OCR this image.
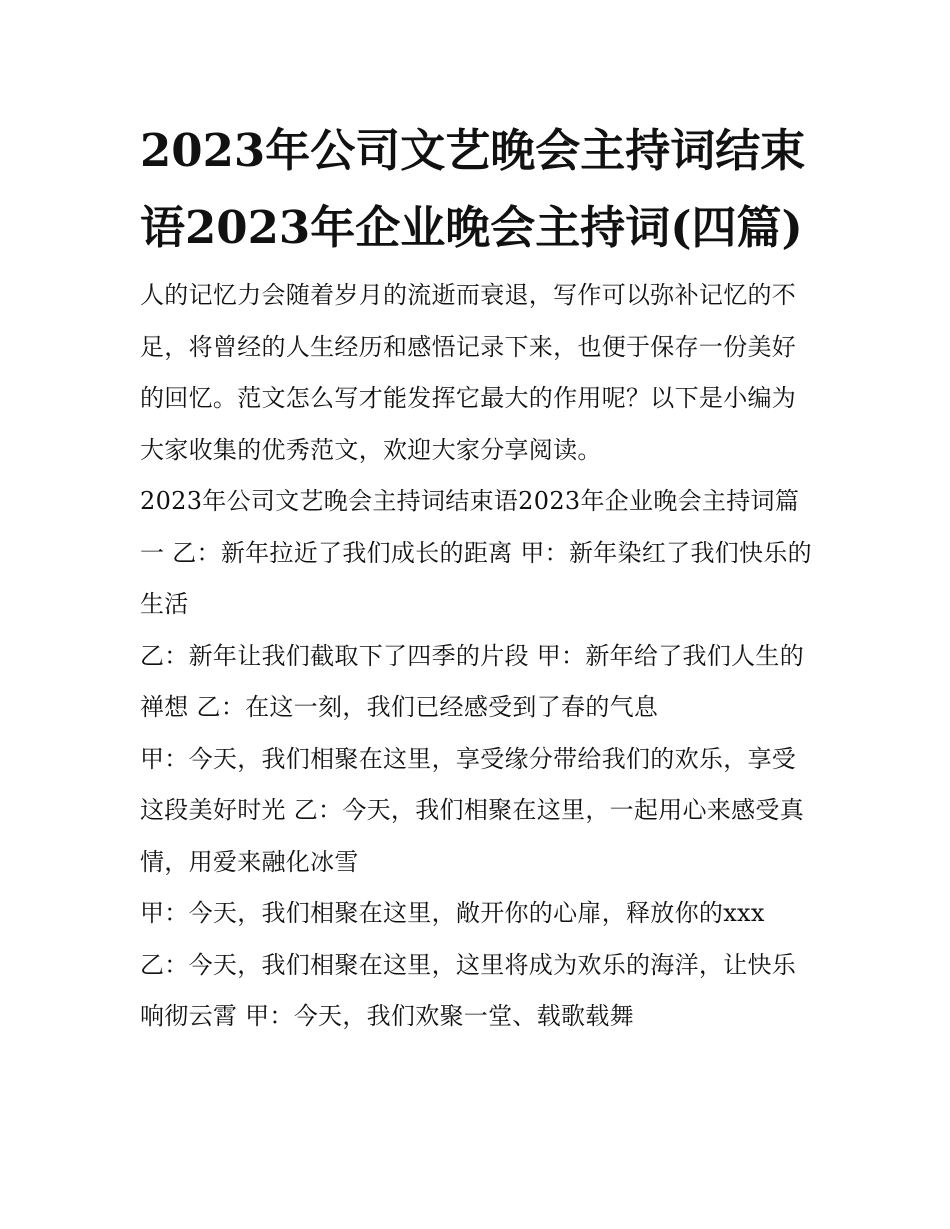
2023年公司文艺晚会主持词结束语2023年企业晚会主持词(四篇)

人的记忆力会随着岁月的流逝而衰退，写作可以弥补记忆的不足，将曾经的人生经历和感悟记录下来，也便于保存一份美好的回忆。范文怎么写才能发挥它最大的作用呢？以下是小编为大家收集的优秀范文，欢迎大家分享阅读。

2023年公司文艺晚会主持词结束语2023年企业晚会主持词篇一 乙：新年拉近了我们成长的距离 甲：新年染红了我们快乐的生活

乙：新年让我们截取下了四季的片段 甲：新年给了我们人生的禅想 乙：在这一刻，我们已经感受到了春的气息

甲：今天，我们相聚在这里，享受缘分带给我们的欢乐，享受这段美好时光 乙：今天，我们相聚在这里，一起用心来感受真情，用爱来融化冰雪

甲：今天，我们相聚在这里，敞开你的心扉，释放你的xxx

乙：今天，我们相聚在这里，这里将成为欢乐的海洋，让快乐响彻云霄 甲：今天，我们欢聚一堂、载歌载舞
